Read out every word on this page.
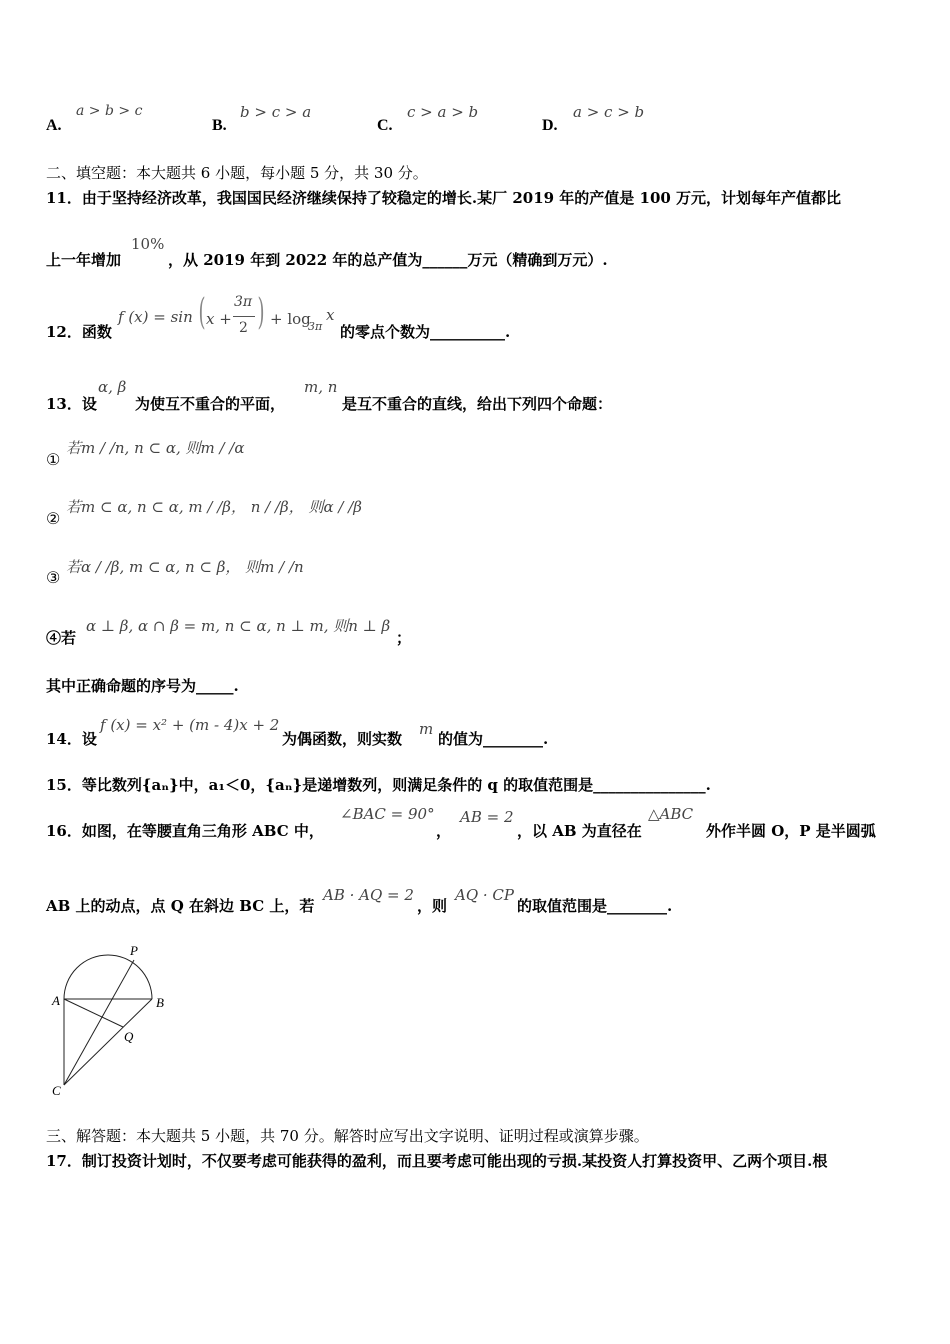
A.
a > b > c
B.
b > c > a
C.
c > a > b
D.
a > c > b
二、填空题：本大题共 6 小题，每小题 5 分，共 30 分。
11．由于坚持经济改革，我国国民经济继续保持了较稳定的增长.某厂 2019 年的产值是 100 万元，计划每年产值都比
上一年增加
10%
，从 2019 年到 2022 年的总产值为______万元（精确到万元）.
12．函数
f (x) = sin ( x +
3π
2 ) + log
3π
x
的零点个数为__________.
13．设
α, β
为使互不重合的平面，
m, n
是互不重合的直线，给出下列四个命题：
①
若m / /n, n ⊂ α, 则m / /α
②
若m ⊂ α, n ⊂ α, m / /β， n / /β， 则α / /β
③
若α / /β, m ⊂ α, n ⊂ β， 则m / /n
④若
α ⊥ β, α ∩ β = m, n ⊂ α, n ⊥ m, 则n ⊥ β
；
其中正确命题的序号为_____.
14．设
f (x) = x² + (m - 4)x + 2
为偶函数，则实数
m
的值为________.
15．等比数列{aₙ}中，a₁＜0，{aₙ}是递增数列，则满足条件的 q 的取值范围是_______________.
16．如图，在等腰直角三角形 ABC 中，
∠BAC = 90°
，
AB = 2
，以 AB 为直径在
△ABC
外作半圆 O，P 是半圆弧
AB 上的动点，点 Q 在斜边 BC 上，若
AB · AQ = 2
，则
AQ · CP
的取值范围是________.
P
A	B
Q
C
三、解答题：本大题共 5 小题，共 70 分。解答时应写出文字说明、证明过程或演算步骤。
17．制订投资计划时，不仅要考虑可能获得的盈利，而且要考虑可能出现的亏损.某投资人打算投资甲、乙两个项目.根
